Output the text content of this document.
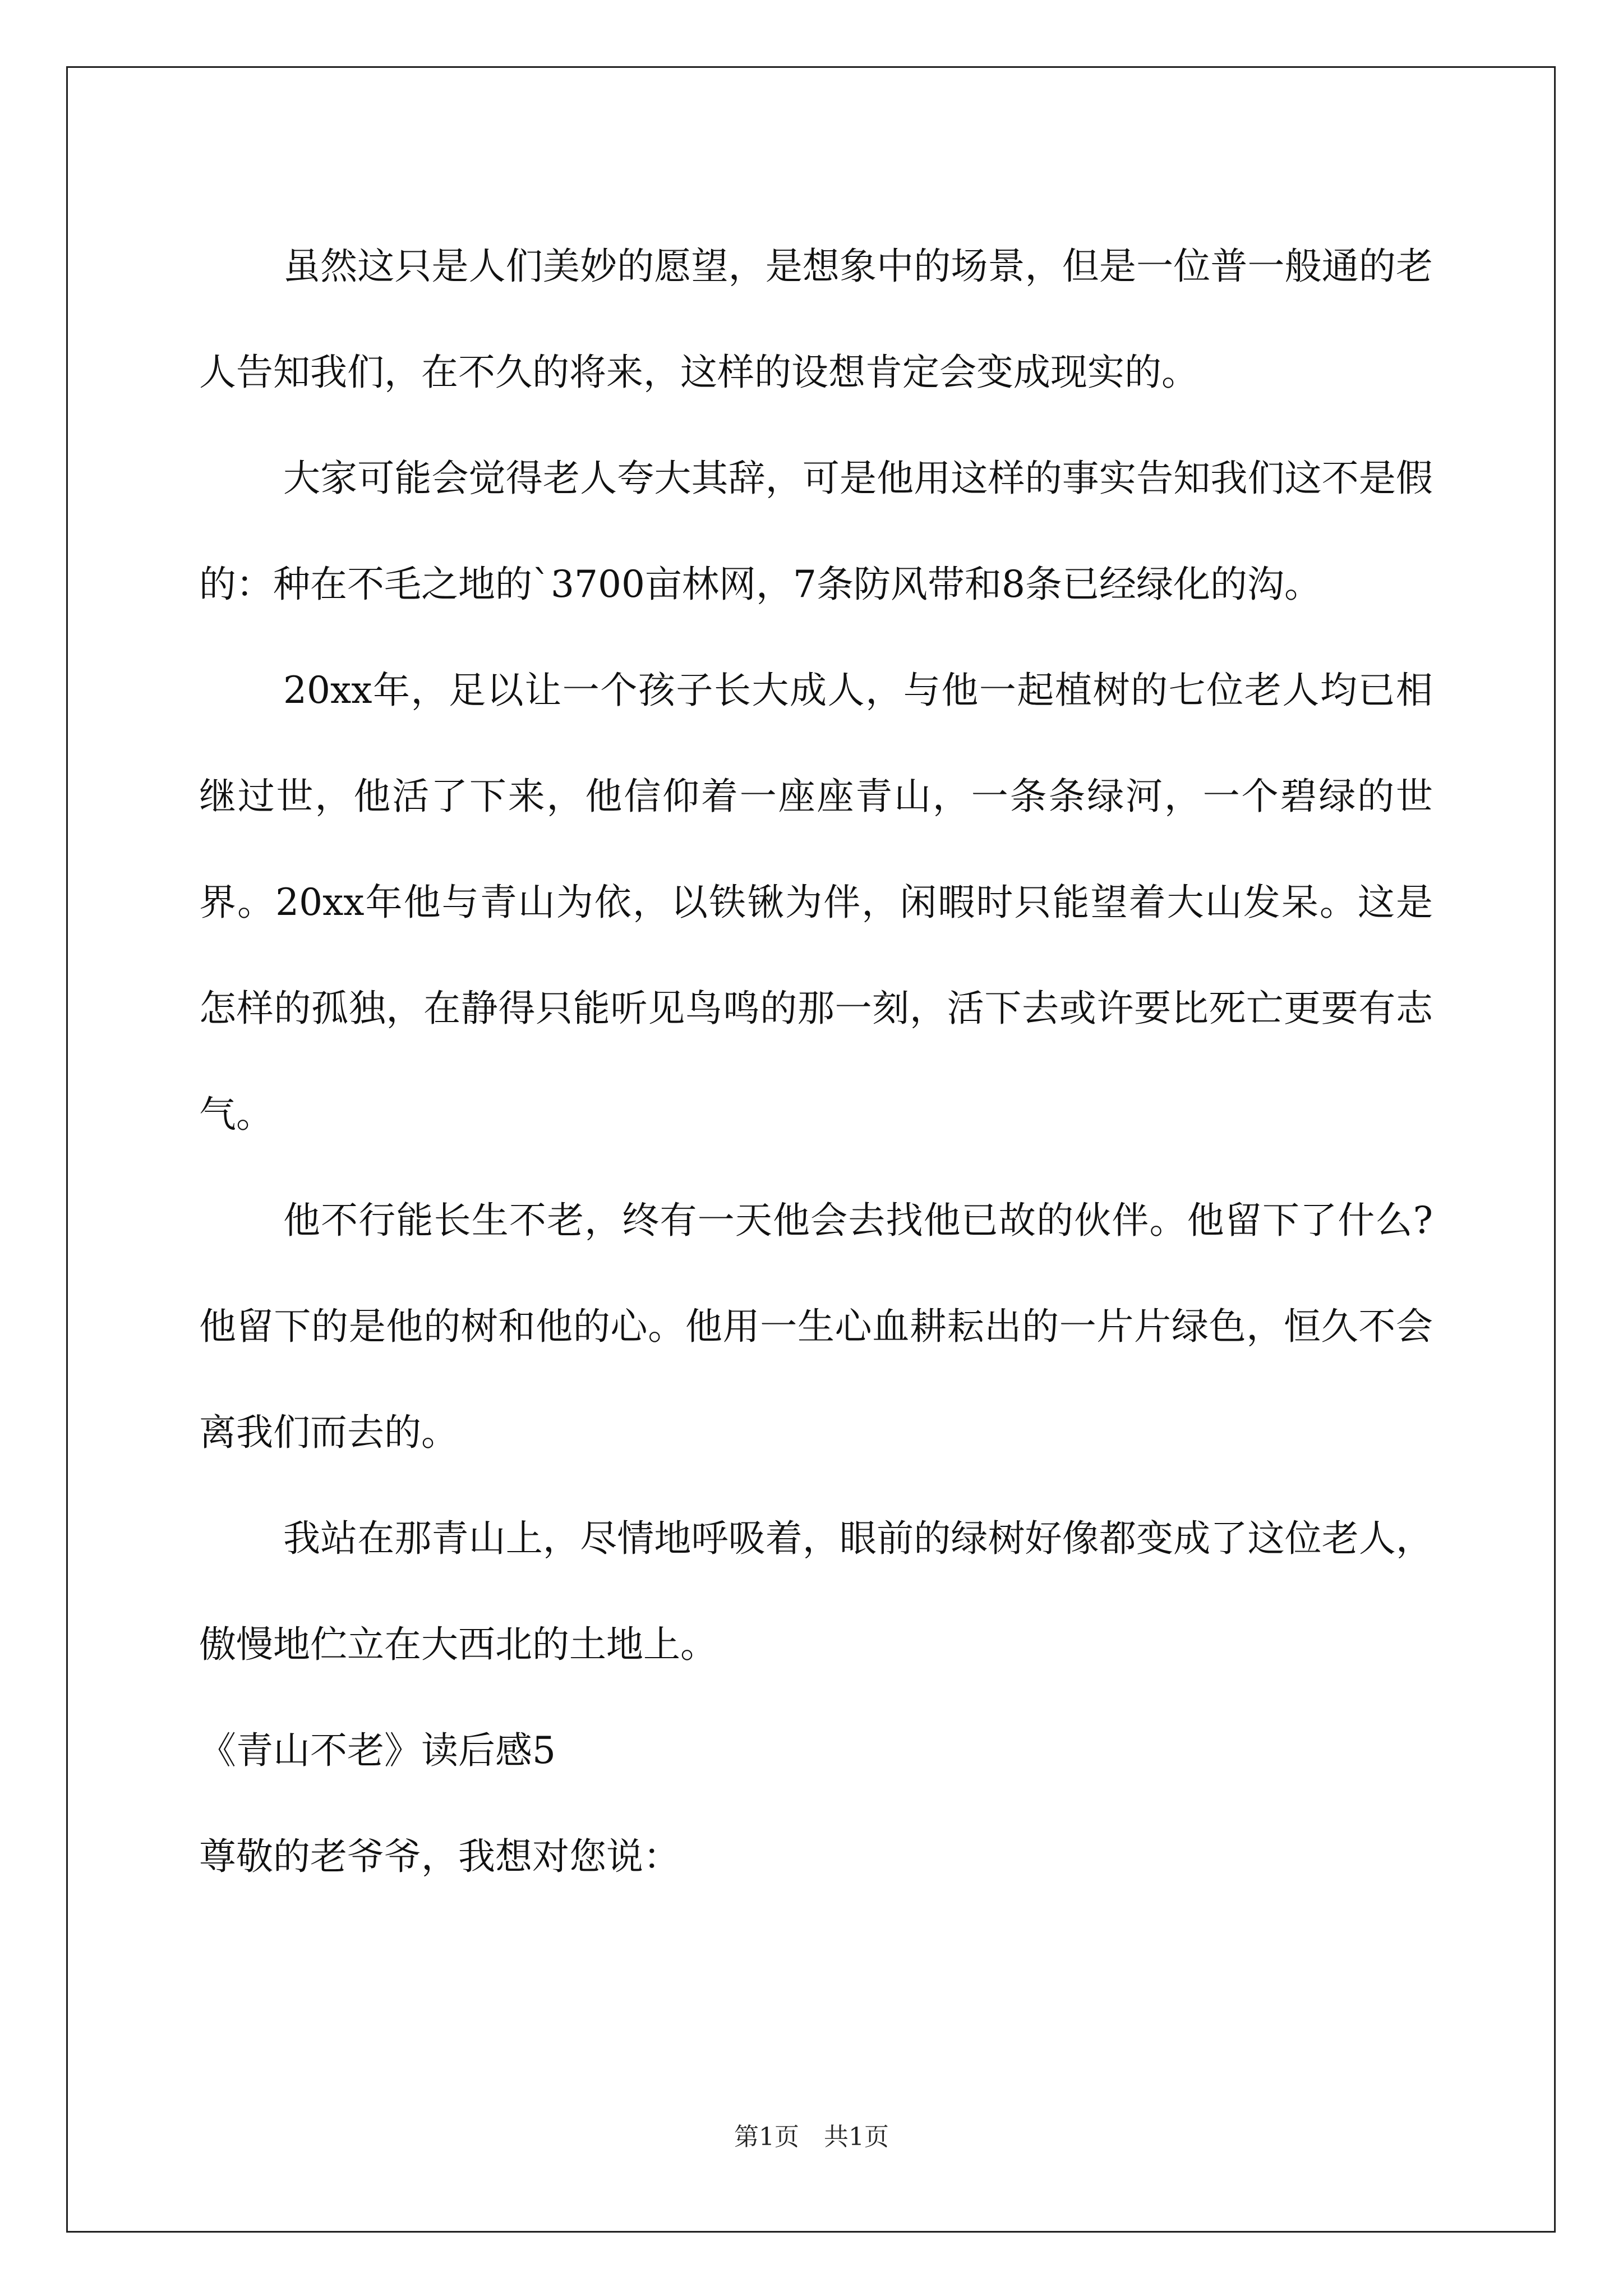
虽然这只是人们美妙的愿望，是想象中的场景，但是一位普一般通的老人告知我们，在不久的将来，这样的设想肯定会变成现实的。

大家可能会觉得老人夸大其辞，可是他用这样的事实告知我们这不是假的：种在不毛之地的`3700亩林网，7条防风带和8条已经绿化的沟。

20xx年，足以让一个孩子长大成人，与他一起植树的七位老人均已相继过世，他活了下来，他信仰着一座座青山，一条条绿河，一个碧绿的世界。20xx年他与青山为依，以铁锹为伴，闲暇时只能望着大山发呆。这是怎样的孤独，在静得只能听见鸟鸣的那一刻，活下去或许要比死亡更要有志气。

他不行能长生不老，终有一天他会去找他已故的伙伴。他留下了什么?他留下的是他的树和他的心。他用一生心血耕耘出的一片片绿色，恒久不会离我们而去的。

我站在那青山上，尽情地呼吸着，眼前的绿树好像都变成了这位老人，傲慢地伫立在大西北的土地上。

《青山不老》读后感5

尊敬的老爷爷，我想对您说：

第1页　共1页
